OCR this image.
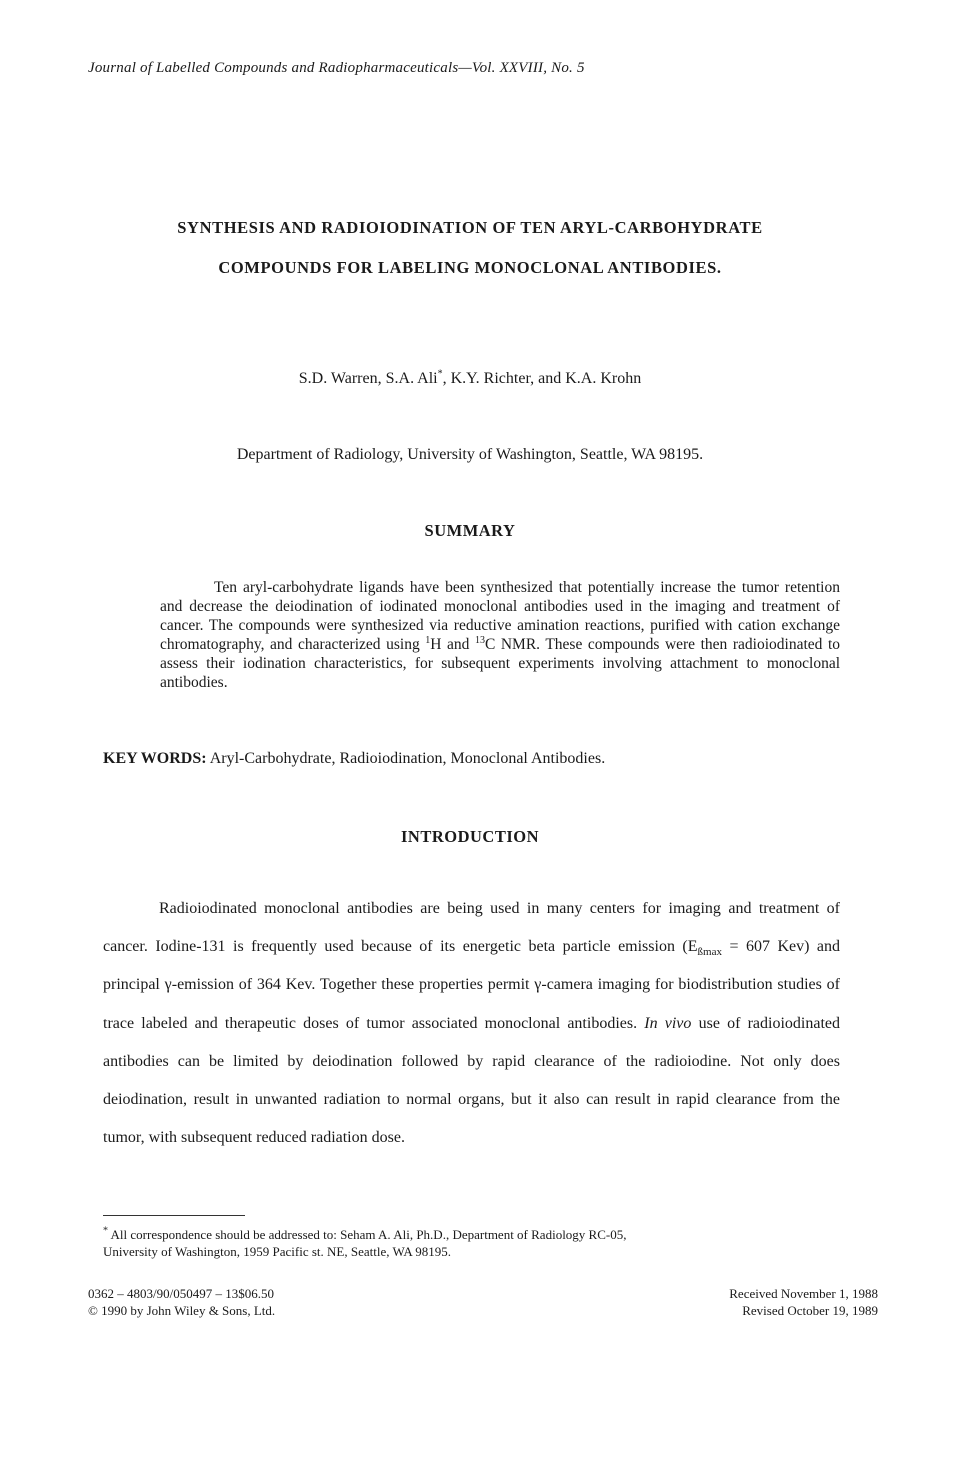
Journal of Labelled Compounds and Radiopharmaceuticals—Vol. XXVIII, No. 5
SYNTHESIS AND RADIOIODINATION OF TEN ARYL-CARBOHYDRATE
COMPOUNDS FOR LABELING MONOCLONAL ANTIBODIES.
S.D. Warren, S.A. Ali*, K.Y. Richter, and K.A. Krohn
Department of Radiology, University of Washington, Seattle, WA 98195.
SUMMARY

Ten aryl-carbohydrate ligands have been synthesized that potentially increase the tumor retention and decrease the deiodination of iodinated monoclonal antibodies used in the imaging and treatment of cancer. The compounds were synthesized via reductive amination reactions, purified with cation exchange chromatography, and characterized using $^1$H and $^{13}$C NMR. These compounds were then radioiodinated to assess their iodination characteristics, for subsequent experiments involving attachment to monoclonal antibodies.

KEY WORDS: Aryl-Carbohydrate, Radioiodination, Monoclonal Antibodies.
INTRODUCTION

Radioiodinated monoclonal antibodies are being used in many centers for imaging and treatment of cancer. Iodine-131 is frequently used because of its energetic beta particle emission ($E_{ßmax} = 607$ Kev) and principal γ-emission of 364 Kev. Together these properties permit γ-camera imaging for biodistribution studies of trace labeled and therapeutic doses of tumor associated monoclonal antibodies. In vivo use of radioiodinated antibodies can be limited by deiodination followed by rapid clearance of the radioiodine. Not only does deiodination, result in unwanted radiation to normal organs, but it also can result in rapid clearance from the tumor, with subsequent reduced radiation dose.

* All correspondence should be addressed to: Seham A. Ali, Ph.D., Department of Radiology RC-05,
University of Washington, 1959 Pacific st. NE, Seattle, WA 98195.
0362 – 4803/90/050497 – 13$06.50
© 1990 by John Wiley & Sons, Ltd.
Received November 1, 1988
Revised October 19, 1989
